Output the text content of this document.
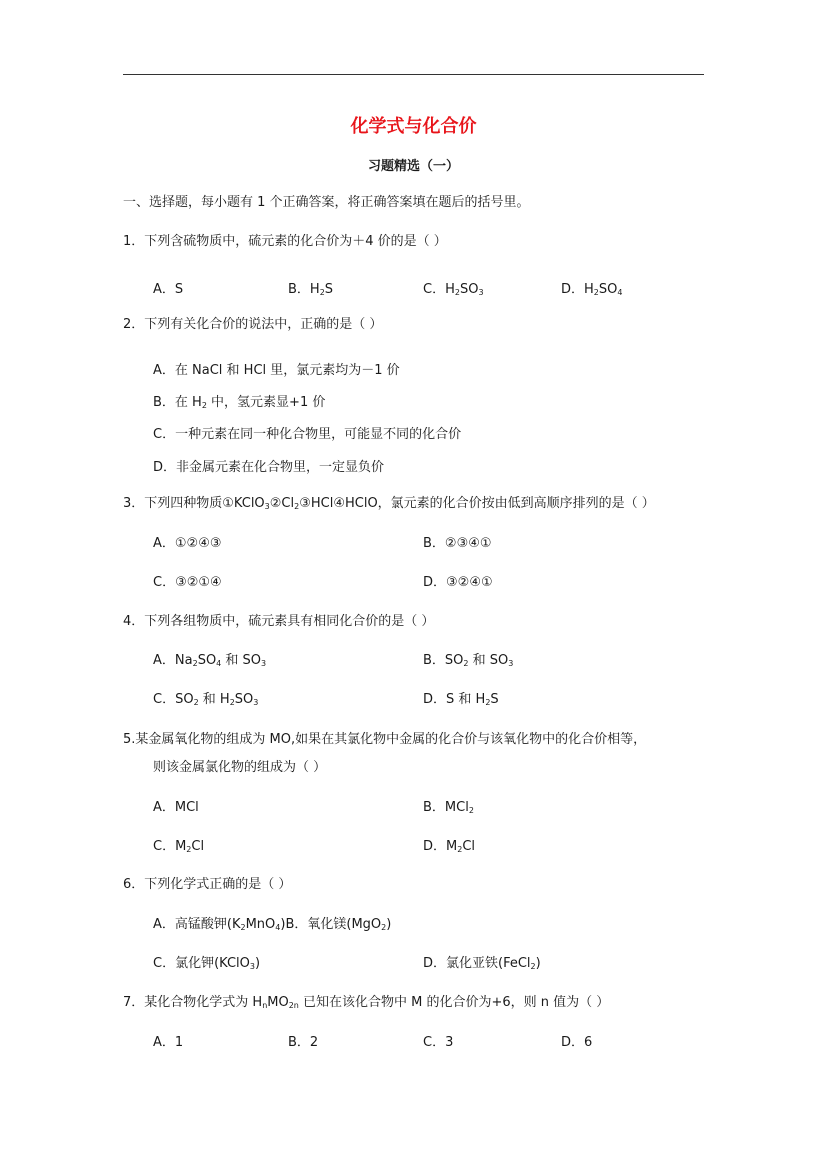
化学式与化合价
习题精选（一）
一、选择题，每小题有 1 个正确答案，将正确答案填在题后的括号里。
1．下列含硫物质中，硫元素的化合价为＋4 价的是（ ）
A．S	B．$H_2S$	C．$H_2SO_3$	D．$H_2SO_4$
2．下列有关化合价的说法中，正确的是（ ）
A．在 NaCl 和 HCl 里，氯元素均为－1 价
B．在 $H_2$ 中，氢元素显+1 价
C．一种元素在同一种化合物里，可能显不同的化合价
D．非金属元素在化合物里，一定显负价
3．下列四种物质$①KClO_3②Cl_2③HCl④HClO$，氯元素的化合价按由低到高顺序排列的是（ ）
A．①②④③	B．②③④①
C．③②①④	D．③②④①
4．下列各组物质中，硫元素具有相同化合价的是（ ）
A．$Na_2SO_4$ 和 $SO_3$	B．$SO_2$ 和 $SO_3$
C．$SO_2$ 和 $H_2SO_3$	D．S 和 $H_2S$
5.某金属氧化物的组成为 MO,如果在其氯化物中金属的化合价与该氧化物中的化合价相等，
则该金属氯化物的组成为（ ）
A．MCl	B．MCl$_2$
C．$M_2Cl$	D．$M_2Cl$
6．下列化学式正确的是（ ）
A．高锰酸钾$(K_2MnO_4)B$．氧化镁(MgO$_2$)
C．氯化钾(KClO$_3$)	D．氯化亚铁(FeCl$_2$)
7．某化合物化学式为 $H_nMO_{2n}$ 已知在该化合物中 M 的化合价为+6，则 n 值为（ ）
A．1	B．2	C．3	D．6
